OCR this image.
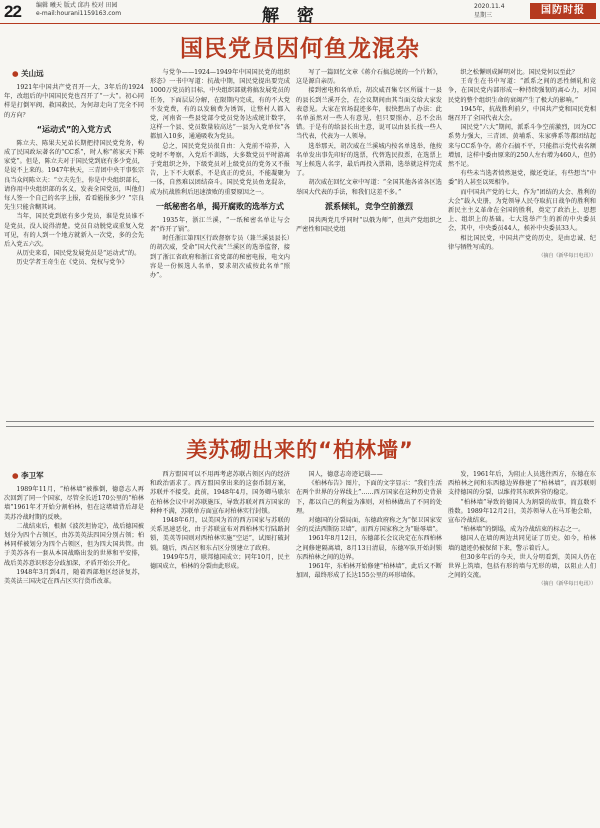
22	编辑 曦天 版式 邱冉 校对 田园
e-mail:hourani1159163.com	解 密	2020.11.4
星期三	国防时报
国民党员因何鱼龙混杂
● 关山远

1921年中国共产党召开一大，3年后的1924年，改组后的中国国民党也召开了“一大”。初心同样是打倒军阀、救国救民，为何却走向了完全不同的方向？

“运动式”的入党方式

陈立夫、陈果夫兄弟长期把持国民党党务，构成了民国政坛著名的“CC系”，时人称“蒋家天下陈家党”。但是，陈立夫对于国民党到底有多少党员，是说不上来的。1947年秋天，三青团中央干事张宗良当众问陈立夫：“立夫先生，你是中央组织部长，请你用中央组织部的名义，发表全国党员，叫他们每人签一个自己的名字上报，看看能报多少？”宗良先生只能含糊其词。

当年，国民党到底有多少党员，谁是党员谁不是党员，没人说得清楚。党员自动脱党或重复入党可见，有的人到一个地方就新入一次党，多的会先后入党五六次。

从历史来看，国民党发展党员是“运动式”的。

历史学者王奇生在《党员、党权与党争》

与党争——1924—1949年中国国民党的组织形态》一书中写道：抗战中期，国民党提出要完成1000万党员的目标，中央组织部就将搞发展党员的任务，下面层层分解，在限期内完成，有的不大党不发党费，有的以发稿费为诱饵，让整村人都入党，河南省一些县党部令党员党务达成统计数字，这样一个县、党员数量较高达“一县为入党单位”各都加入10多，通通吸收为党员。

总之，国民党党员很自由：入党前不培养，入党时不考察，入党后不训练，大多数党员平时游离于党组织之外，下级党员对上级党员的党务又不报告，上下不大联系，不是真正的党员，不能凝聚为一体，自然难以团结奋斗。国民党党员鱼龙混杂，成为抗战胜利后迅速溃败的重要原因之一。

一纸秘密名单，揭开腐败的选举方式

1935年，浙江兰溪，“一纸秘密名单让与会者“炸开了锅”。

时任浙江第四区行政督察专员（兼兰溪县县长）的胡次威，受命“国大代表”兰溪区的选举监督，接到了浙江省政府和浙江省党部的秘密电报，电文内容是一份候选人名单，要求胡次威按此名单“照办”。

写了一篇回忆文章《蒋介石搞总统的一个片断》，这是源自亲历。

接到密电和名单后，胡次威召集专区所属十一县的县长到兰溪开会，在会议期间由其当面交给大家发表意见。大家在官场混迹多年，很快想出了办法：此名单虽然对一些人有意见，但只要照办，总不会出错。于是有的给县长出主意，说可以由县长找一些人当代表，代表为一人领导。

选举那天，胡次威在兰溪城内按名单选举，他按名单发出事先印好的选票，代替选民投票，在选票上写上候选人名字，最后再投入票箱，选举就这样完成了。

胡次威在回忆文章中写道：“全国其他各省各区选举国大代表的手法，和我们这差不多。”

派系倾轧，竞争空前激烈

国共两党几乎同时“以俄为师”，但共产党组织之严密性和国民党组

织之松懈则成鲜明对比。国民党何以至此？

王奇生在书中写道：“派系之间的恶性倾轧和竞争，在国民党内部形成一种持续强韧的离心力，对国民党的整个组织生命的衰竭产生了极大的影响。”

1945年，抗战胜利前夕，中国共产党和国民党相继召开了全国代表大会。

国民党“六大”期间，派系斗争空前激烈，因为CC系势力强大，三青团、黄埔系、朱家骅系等都团结起来与CC系争夺。蒋介石搞不平，只能指示党代表名额增加，这样中委由原来的250人左右增为460人，但仍然不足。

有些未当选者愤然退党，撤还党证，有些想当“中委”的人甚至以死相争。

而中国共产党的七大，作为“团结的大会、胜利的大会”载入史册，为党领导人民夺取抗日战争的胜利和新民主主义革命在全国的胜利，奠定了政治上、思想上、组织上的基础。七大选举产生的新的中央委员会，其中，中央委员44人，候补中央委员33人。

相比国民党，中国共产党的历史，是由忠诚、纪律与牺牲写成的。

（摘自《新华每日电讯》）
美苏砌出来的“柏林墙”
● 李卫军

1989年11月，“柏林墙”被推倒，德意志人再次回到了同一个国家，尽管全长近170公里的“柏林墙”1961年才开始分割柏林，但在这堵墙背后却是美苏冷战时期的反映。

二战结束后，根据《波茨坦协定》，战后德国被划分为四个占领区，由苏美英法四国分别占领；柏林同样被划分为四个占领区，但为四大国共管。由于美苏各有一套从本国战略出发的世界和平安排，战后美苏意识形态分歧加深，矛盾开始公开化。

1948年3月到4月，随着西部地区经济复苏，美英法三国决定在西占区实行货币改革。

西方盟国可以不用再考虑苏联占领区内的经济和政治需求了。西方盟国拿出来的这套币制方案，苏联并不接受。此前，1948年4月，国务卿马歇尔在柏林会议中对苏联施压，导致苏联对西方国家的种种不满，苏联单方面宣布对柏林实行封锁。

1948年6月，以美国为首的西方国家与苏联的关系迅速恶化，由于苏联宣布对西柏林实行陆路封锁，美英等国则对西柏林实施“空运”，试图打破封锁。随后，西占区和东占区分别建立了政府。

1949年5月，联邦德国成立；同年10月，民主德国成立，柏林的分裂由此形成。

国人，德意志奇迹记载——

《柏林布告》图片，下面的文字显示：“我们生活在两个世界的分界线上”……西方国家在这种历史背景下，都以自己的利益为准则，对柏林做出了不同的处理。

对德国的分裂局面，东德政府称之为“保卫国家安全的反法西斯防卫墙”，而西方国家称之为“耻辱墙”。

1961年8月12日，东德部长会议决定在东西柏林之间修建隔离墙，8月13日清晨，东德军队开始封锁东西柏林之间的边界。

1961年，东柏林开始修建“柏林墙”，此后又不断加固，最终形成了长达155公里的环形墙体。

发，1961年后，为阻止人员逃往西方，东德在东西柏林之间和东西德边界修建了“柏林墙”，而苏联则支持德国的分裂，以维持其东欧阵营的稳定。

“柏林墙”导致的德国人为割裂的故事，简直数不胜数。1989年12月2日，美苏领导人在马耳他会晤，宣布冷战结束。

“柏林墙”的倒塌，成为冷战结束的标志之一。

德国人在墙的两边共同见证了历史。如今，柏林墙的遗迹仍被保留下来，警示着后人。

但30多年后的今天，世人分明看到，美国人仍在世界上筑墙，包括有形的墙与无形的墙，以阻止人们之间的交流。

（摘自《新华每日电讯》）
